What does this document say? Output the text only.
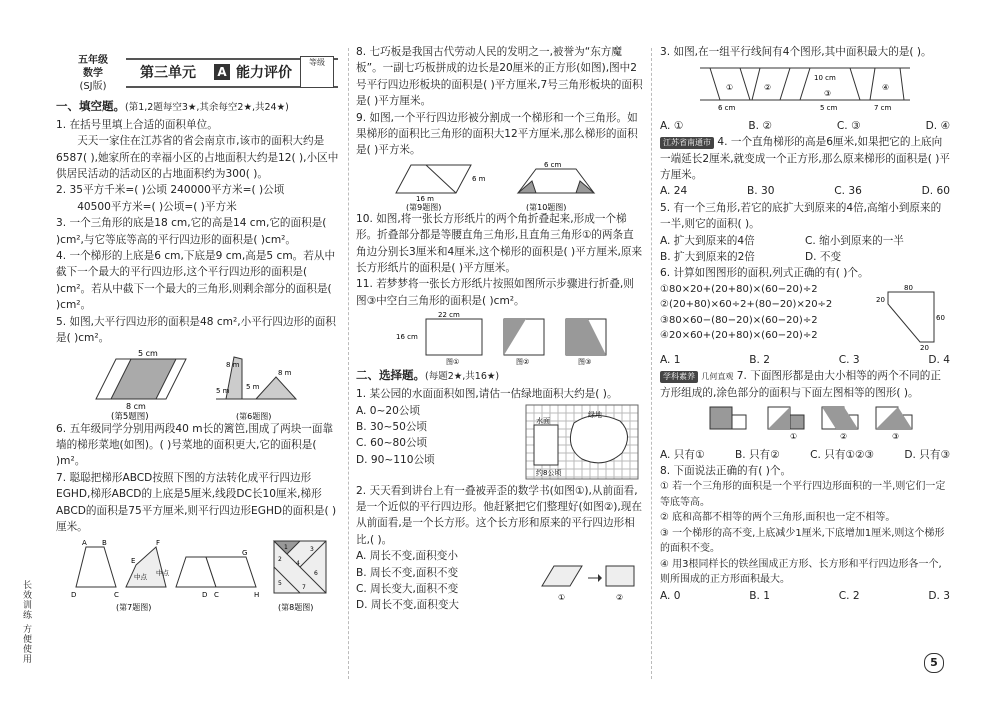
五年级
数学
(SJ版)
第三单元 A 能力评价
等级
长效训练 方便使用

一、填空题。(第1,2题每空3★,其余每空2★,共24★)

1. 在括号里填上合适的面积单位。

天天一家住在江苏省的省会南京市,该市的面积大约是6587( ),她家所在的幸福小区的占地面积大约是12( ),小区中供居民活动的活动区的占地面积约为300( )。

2. 35平方千米=( )公顷 240000平方米=( )公顷

40500平方米=( )公顷=( )平方米

3. 一个三角形的底是18 cm,它的高是14 cm,它的面积是( )cm²,与它等底等高的平行四边形的面积是( )cm²。

4. 一个梯形的上底是6 cm,下底是9 cm,高是5 cm。若从中截下一个最大的平行四边形,这个平行四边形的面积是( )cm²。若从中截下一个最大的三角形,则剩余部分的面积是( )cm²。

5. 如图,大平行四边形的面积是48 cm²,小平行四边形的面积是( )cm²。

5 cm
8 cm
(第5题图)
8 m
5 m
8 m
5 m
(第6题图)

6. 五年级同学分别用两段40 m长的篱笆,围成了两块一面靠墙的梯形菜地(如图)。( )号菜地的面积更大,它的面积是( )m²。

7. 聪聪把梯形ABCD按照下图的方法转化成平行四边形EGHD,梯形ABCD的上底是5厘米,线段DC长10厘米,梯形ABCD的面积是75平方厘米,则平行四边形EGHD的面积是( )厘米。

A B
D	C
E
F
D
G
C	H
中点 中点
(第7题图)
1
2
3
4
5
6
7
(第8题图)

8. 七巧板是我国古代劳动人民的发明之一,被誉为“东方魔板”。一副七巧板拼成的边长是20厘米的正方形(如图),图中2号平行四边形板块的面积是( )平方厘米,7号三角形板块的面积是( )平方厘米。

9. 如图,一个平行四边形被分割成一个梯形和一个三角形。如果梯形的面积比三角形的面积大12平方厘米,那么梯形的面积是( )平方米。

16 m
6 m
(第9题图)
6 cm
(第10题图)

10. 如图,将一张长方形纸片的两个角折叠起来,形成一个梯形。折叠部分都是等腰直角三角形,且直角三角形①的两条直角边分别长3厘米和4厘米,这个梯形的面积是( )平方厘米,原来长方形纸片的面积是( )平方厘米。

11. 若梦梦将一张长方形纸片按照如图所示步骤进行折叠,则图③中空白三角形的面积是( )cm²。

22 cm
16 cm
图①	图②	图③

二、选择题。(每题2★,共16★)

1. 某公园的水面面积如图,请估一估绿地面积大约是( )。

A. 0~20公顷

B. 30~50公顷

C. 60~80公顷

D. 90~110公顷

水面
绿地
约8公顷

2. 天天看到讲台上有一叠被弄歪的数学书(如图①),从前面看,是一个近似的平行四边形。他赶紧把它们整理好(如图②),现在从前面看,是一个长方形。这个长方形和原来的平行四边形相比,( )。

A. 周长不变,面积变小

B. 周长不变,面积不变

C. 周长变大,面积不变

D. 周长不变,面积变大

①	②

3. 如图,在一组平行线间有4个图形,其中面积最大的是( )。

6 cm
10 cm
5 cm	7 cm
①	②
③
④

A. ①	B. ②	C. ③	D. ④

江苏省南通市 4. 一个直角梯形的高是6厘米,如果把它的上底向一端延长2厘米,就变成一个正方形,那么原来梯形的面积是( )平方厘米。

A. 24	B. 30	C. 36	D. 60

5. 有一个三角形,若它的底扩大到原来的4倍,高缩小到原来的一半,则它的面积( )。

A. 扩大到原来的4倍	C. 缩小到原来的一半
B. 扩大到原来的2倍	D. 不变

6. 计算如图图形的面积,列式正确的有( )个。

①80×20+(20+80)×(60−20)÷2

②(20+80)×60÷2+(80−20)×20÷2

③80×60−(80−20)×(60−20)÷2

④20×60+(20+80)×(60−20)÷2

80
20
60
20

A. 1	B. 2	C. 3	D. 4

学科素养 几何直观 7. 下面图形都是由大小相等的两个不同的正方形组成的,涂色部分的面积与下面左图相等的图形( )。

①	②	③

A. 只有①	B. 只有②	C. 只有①②③	D. 只有③

8. 下面说法正确的有( )个。

① 若一个三角形的面积是一个平行四边形面积的一半,则它们一定等底等高。

② 底和高都不相等的两个三角形,面积也一定不相等。

③ 一个梯形的高不变,上底减少1厘米,下底增加1厘米,则这个梯形的面积不变。

④ 用3根同样长的铁丝围成正方形、长方形和平行四边形各一个,则所围成的正方形面积最大。

A. 0	B. 1	C. 2	D. 3

5
